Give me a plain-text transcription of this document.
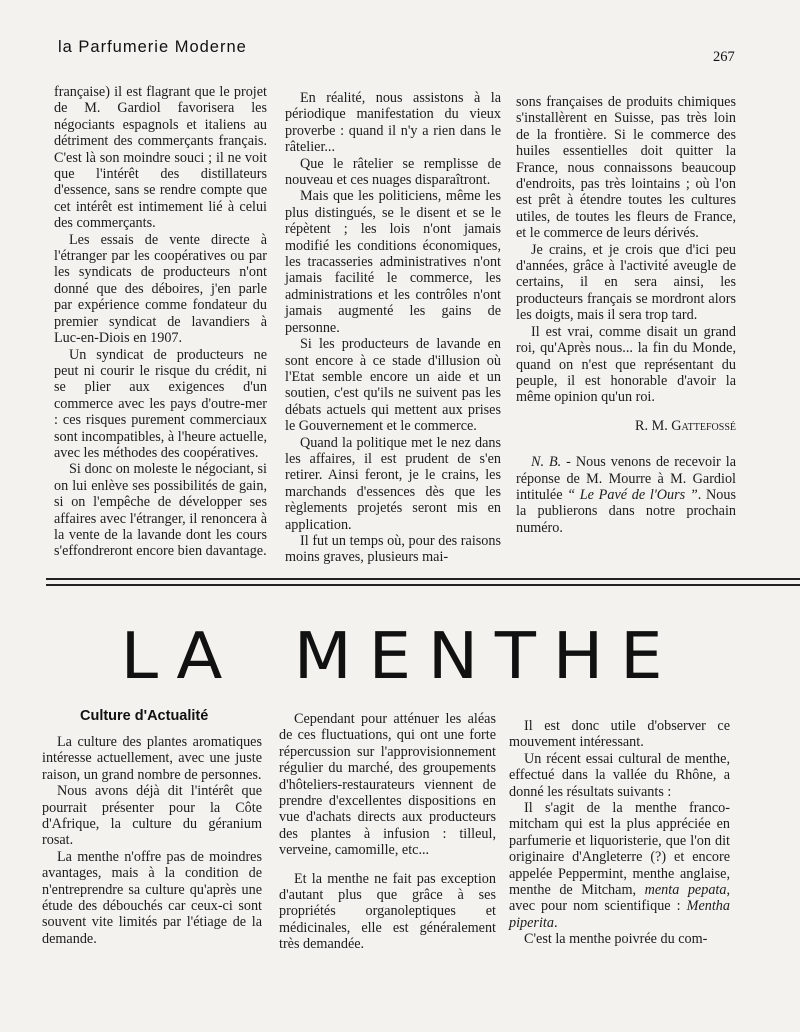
la Parfumerie Moderne
267

française) il est flagrant que le projet de M. Gardiol favorisera les négociants espagnols et italiens au détriment des commerçants français. C'est là son moindre souci ; il ne voit que l'intérêt des distillateurs d'essence, sans se rendre compte que cet intérêt est intimement lié à celui des commerçants.

Les essais de vente directe à l'étranger par les coopératives ou par les syndicats de producteurs n'ont donné que des déboires, j'en parle par expérience comme fondateur du premier syndicat de lavandiers à Luc-en-Diois en 1907.

Un syndicat de producteurs ne peut ni courir le risque du crédit, ni se plier aux exigences d'un commerce avec les pays d'outre-mer : ces risques purement commerciaux sont incompatibles, à l'heure actuelle, avec les méthodes des coopératives.

Si donc on moleste le négociant, si on lui enlève ses possibilités de gain, si on l'empêche de développer ses affaires avec l'étranger, il renoncera à la vente de la lavande dont les cours s'effondreront encore bien davantage.

En réalité, nous assistons à la périodique manifestation du vieux proverbe : quand il n'y a rien dans le râtelier...

Que le râtelier se remplisse de nouveau et ces nuages disparaîtront.

Mais que les politiciens, même les plus distingués, se le disent et se le répètent ; les lois n'ont jamais modifié les conditions économiques, les tracasseries administratives n'ont jamais facilité le commerce, les administrations et les contrôles n'ont jamais augmenté les gains de personne.

Si les producteurs de lavande en sont encore à ce stade d'illusion où l'Etat semble encore un aide et un soutien, c'est qu'ils ne suivent pas les débats actuels qui mettent aux prises le Gouvernement et le commerce.

Quand la politique met le nez dans les affaires, il est prudent de s'en retirer. Ainsi feront, je le crains, les marchands d'essences dès que les règlements projetés seront mis en application.

Il fut un temps où, pour des raisons moins graves, plusieurs mai-

sons françaises de produits chimiques s'installèrent en Suisse, pas très loin de la frontière. Si le commerce des huiles essentielles doit quitter la France, nous connaissons beaucoup d'endroits, pas très lointains ; où l'on est prêt à étendre toutes les cultures utiles, de toutes les fleurs de France, et le commerce de leurs dérivés.

Je crains, et je crois que d'ici peu d'années, grâce à l'activité aveugle de certains, il en sera ainsi, les producteurs français se mordront alors les doigts, mais il sera trop tard.

Il est vrai, comme disait un grand roi, qu'Après nous... la fin du Monde, quand on n'est que représentant du peuple, il est honorable d'avoir la même opinion qu'un roi.

R. M. Gattefossé

N. B. - Nous venons de recevoir la réponse de M. Mourre à M. Gardiol intitulée “ Le Pavé de l'Ours ”. Nous la publierons dans notre prochain numéro.

LA MENTHE
Culture d'Actualité

La culture des plantes aromatiques intéresse actuellement, avec une juste raison, un grand nombre de personnes.

Nous avons déjà dit l'intérêt que pourrait présenter pour la Côte d'Afrique, la culture du géranium rosat.

La menthe n'offre pas de moindres avantages, mais à la condition de n'entreprendre sa culture qu'après une étude des débouchés car ceux-ci sont souvent vite limités par l'étiage de la demande.

Cependant pour atténuer les aléas de ces fluctuations, qui ont une forte répercussion sur l'approvisionnement régulier du marché, des groupements d'hôteliers-restaurateurs viennent de prendre d'excellentes dispositions en vue d'achats directs aux producteurs des plantes à infusion : tilleul, verveine, camomille, etc...

Et la menthe ne fait pas exception d'autant plus que grâce à ses propriétés organoleptiques et médicinales, elle est généralement très demandée.

Il est donc utile d'observer ce mouvement intéressant.

Un récent essai cultural de menthe, effectué dans la vallée du Rhône, a donné les résultats suivants :

Il s'agit de la menthe franco-mitcham qui est la plus appréciée en parfumerie et liquoristerie, que l'on dit originaire d'Angleterre (?) et encore appelée Peppermint, menthe anglaise, menthe de Mitcham, menta pepata, avec pour nom scientifique : Mentha piperita.

C'est la menthe poivrée du com-
